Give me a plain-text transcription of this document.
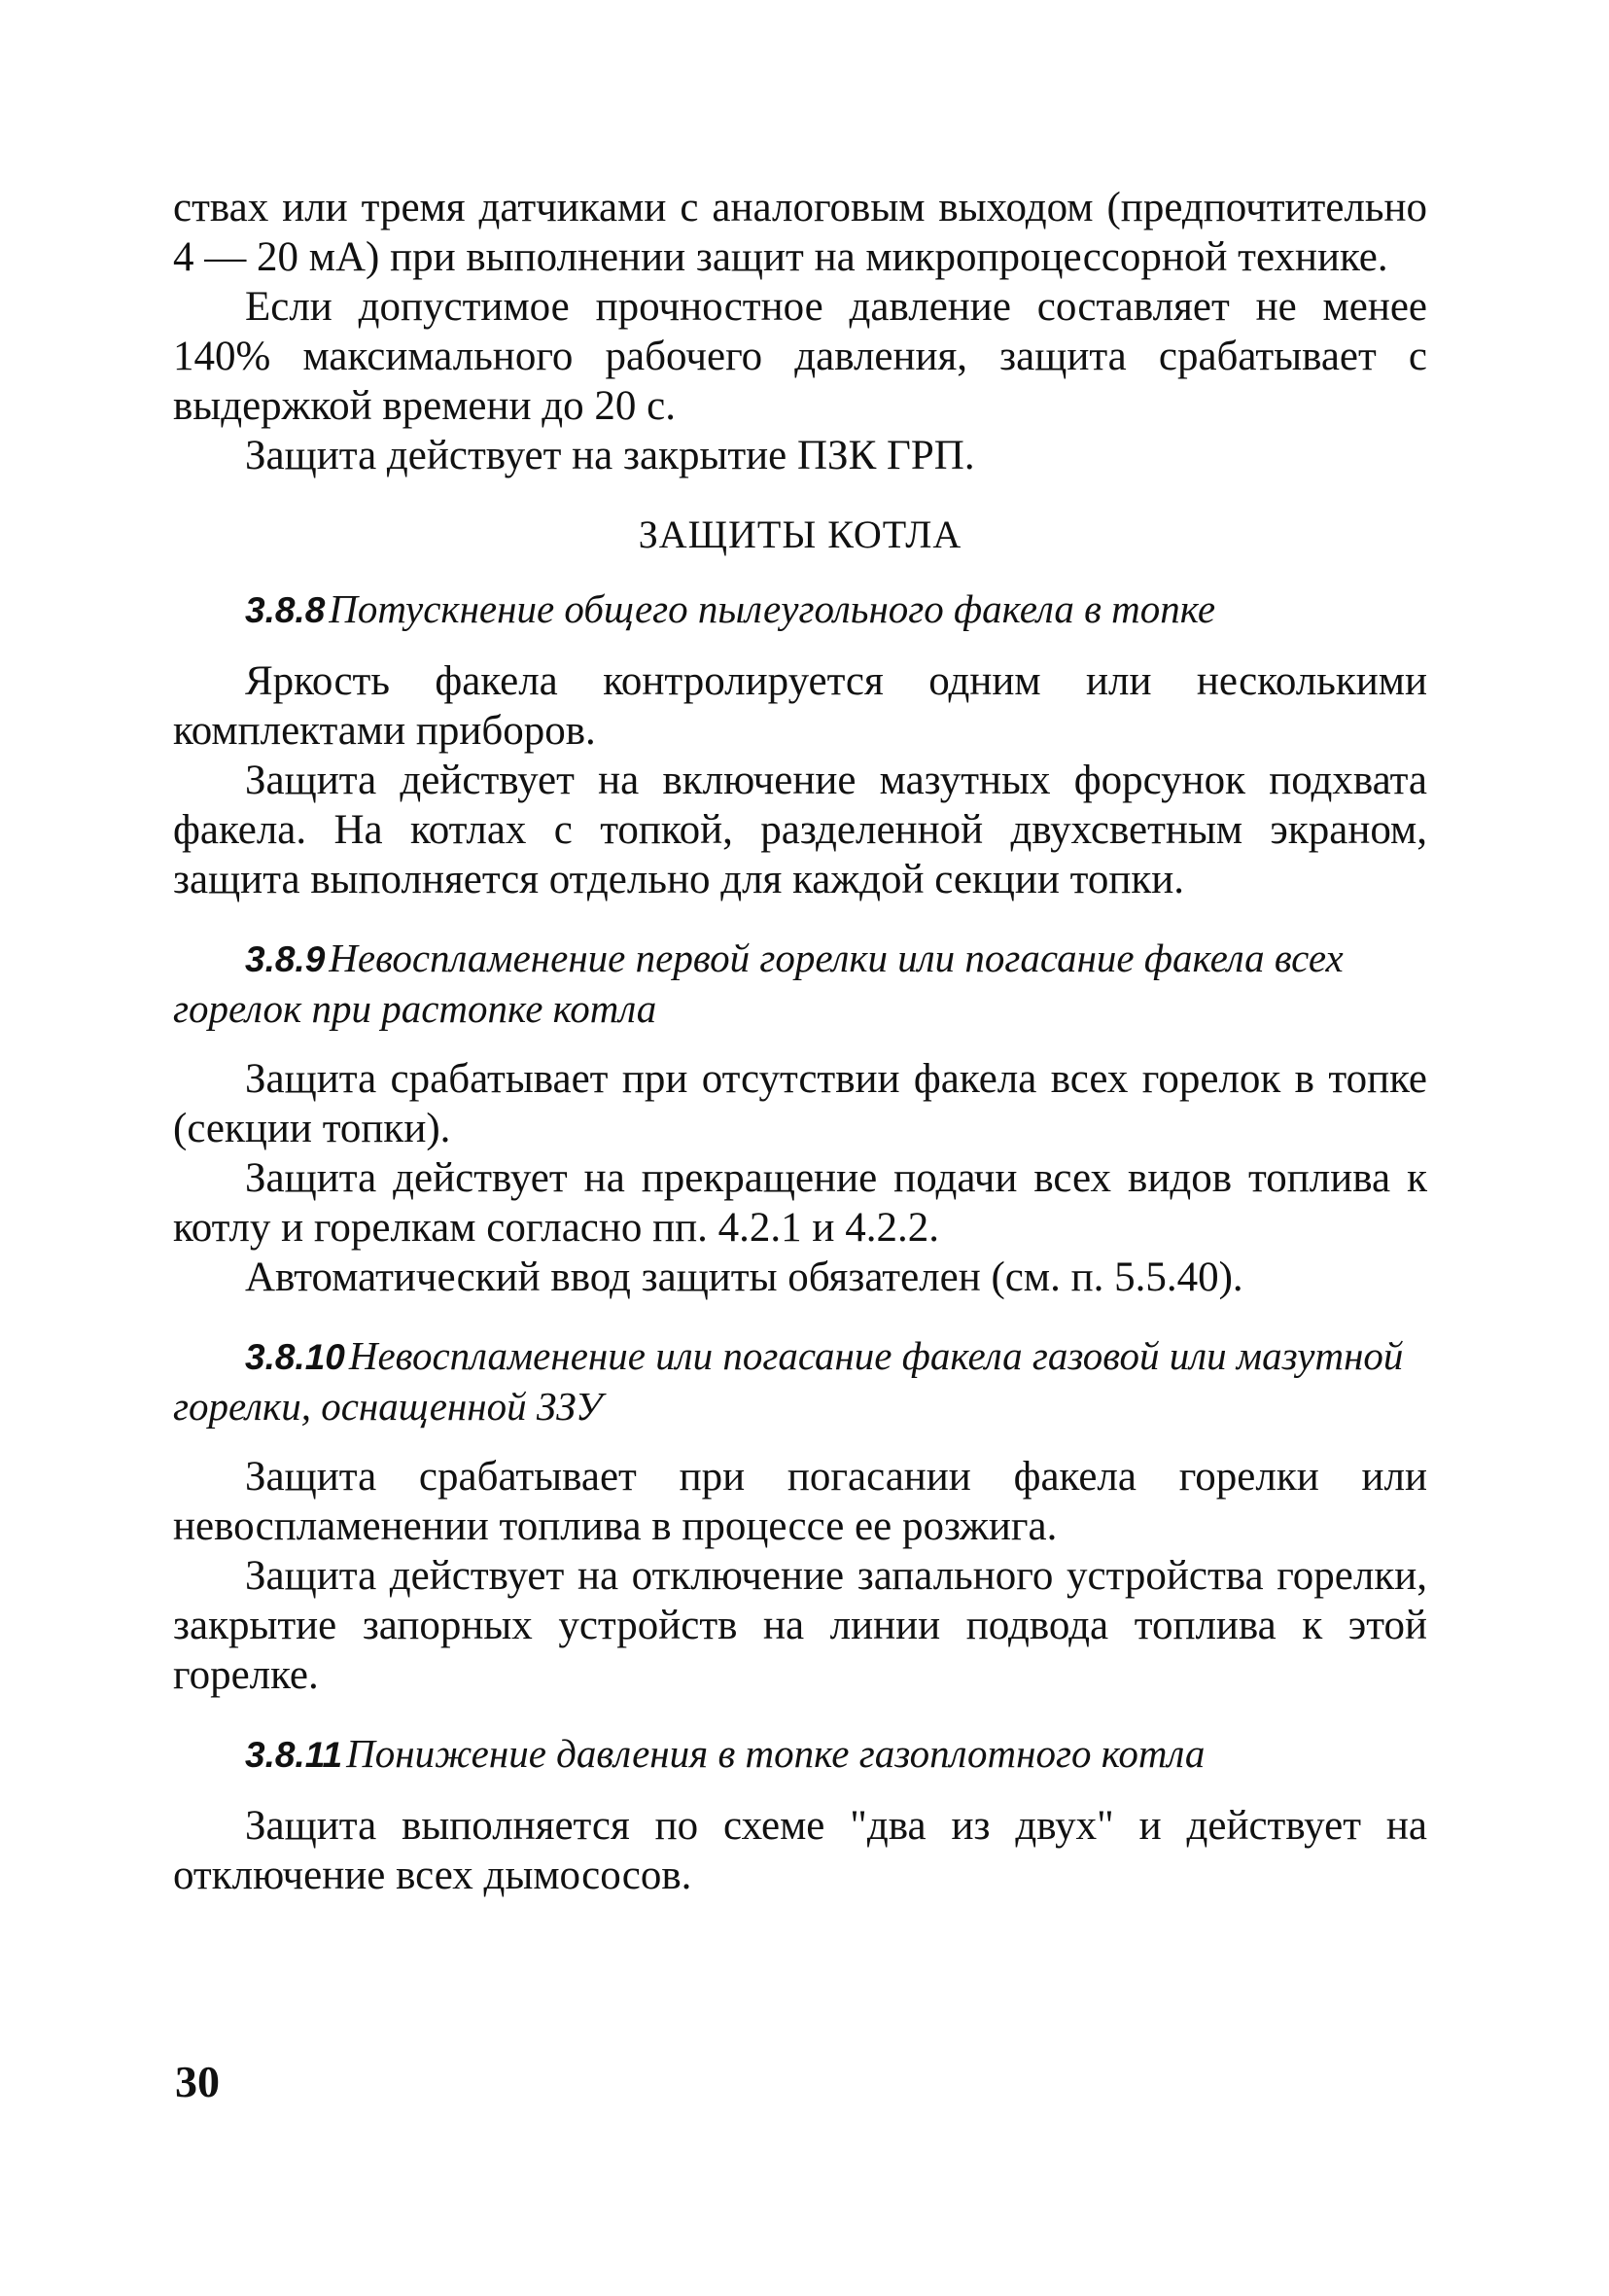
ствах или тремя датчиками с аналоговым выходом (предпочтительно 4 — 20 мА) при выполнении защит на микропроцессорной технике.

Если допустимое прочностное давление составляет не менее 140% максимального рабочего давления, защита срабатывает с выдержкой времени до 20 с.

Защита действует на закрытие ПЗК ГРП.

ЗАЩИТЫ КОТЛА
3.8.8Потускнение общего пылеугольного факела в топке

Яркость факела контролируется одним или несколькими комплектами приборов.

Защита действует на включение мазутных форсунок подхвата факела. На котлах с топкой, разделенной двухсветным экраном, защита выполняется отдельно для каждой секции топки.

3.8.9Невоспламенение первой горелки или погасание факела всех горелок при растопке котла

Защита срабатывает при отсутствии факела всех горелок в топке (секции топки).

Защита действует на прекращение подачи всех видов топлива к котлу и горелкам согласно пп. 4.2.1 и 4.2.2.

Автоматический ввод защиты обязателен (см. п. 5.5.40).

3.8.10Невоспламенение или погасание факела газовой или мазутной горелки, оснащенной ЗЗУ

Защита срабатывает при погасании факела горелки или невоспламенении топлива в процессе ее розжига.

Защита действует на отключение запального устройства горелки, закрытие запорных устройств на линии подвода топлива к этой горелке.

3.8.11Понижение давления в топке газоплотного котла

Защита выполняется по схеме "два из двух" и действует на отключение всех дымососов.

30
